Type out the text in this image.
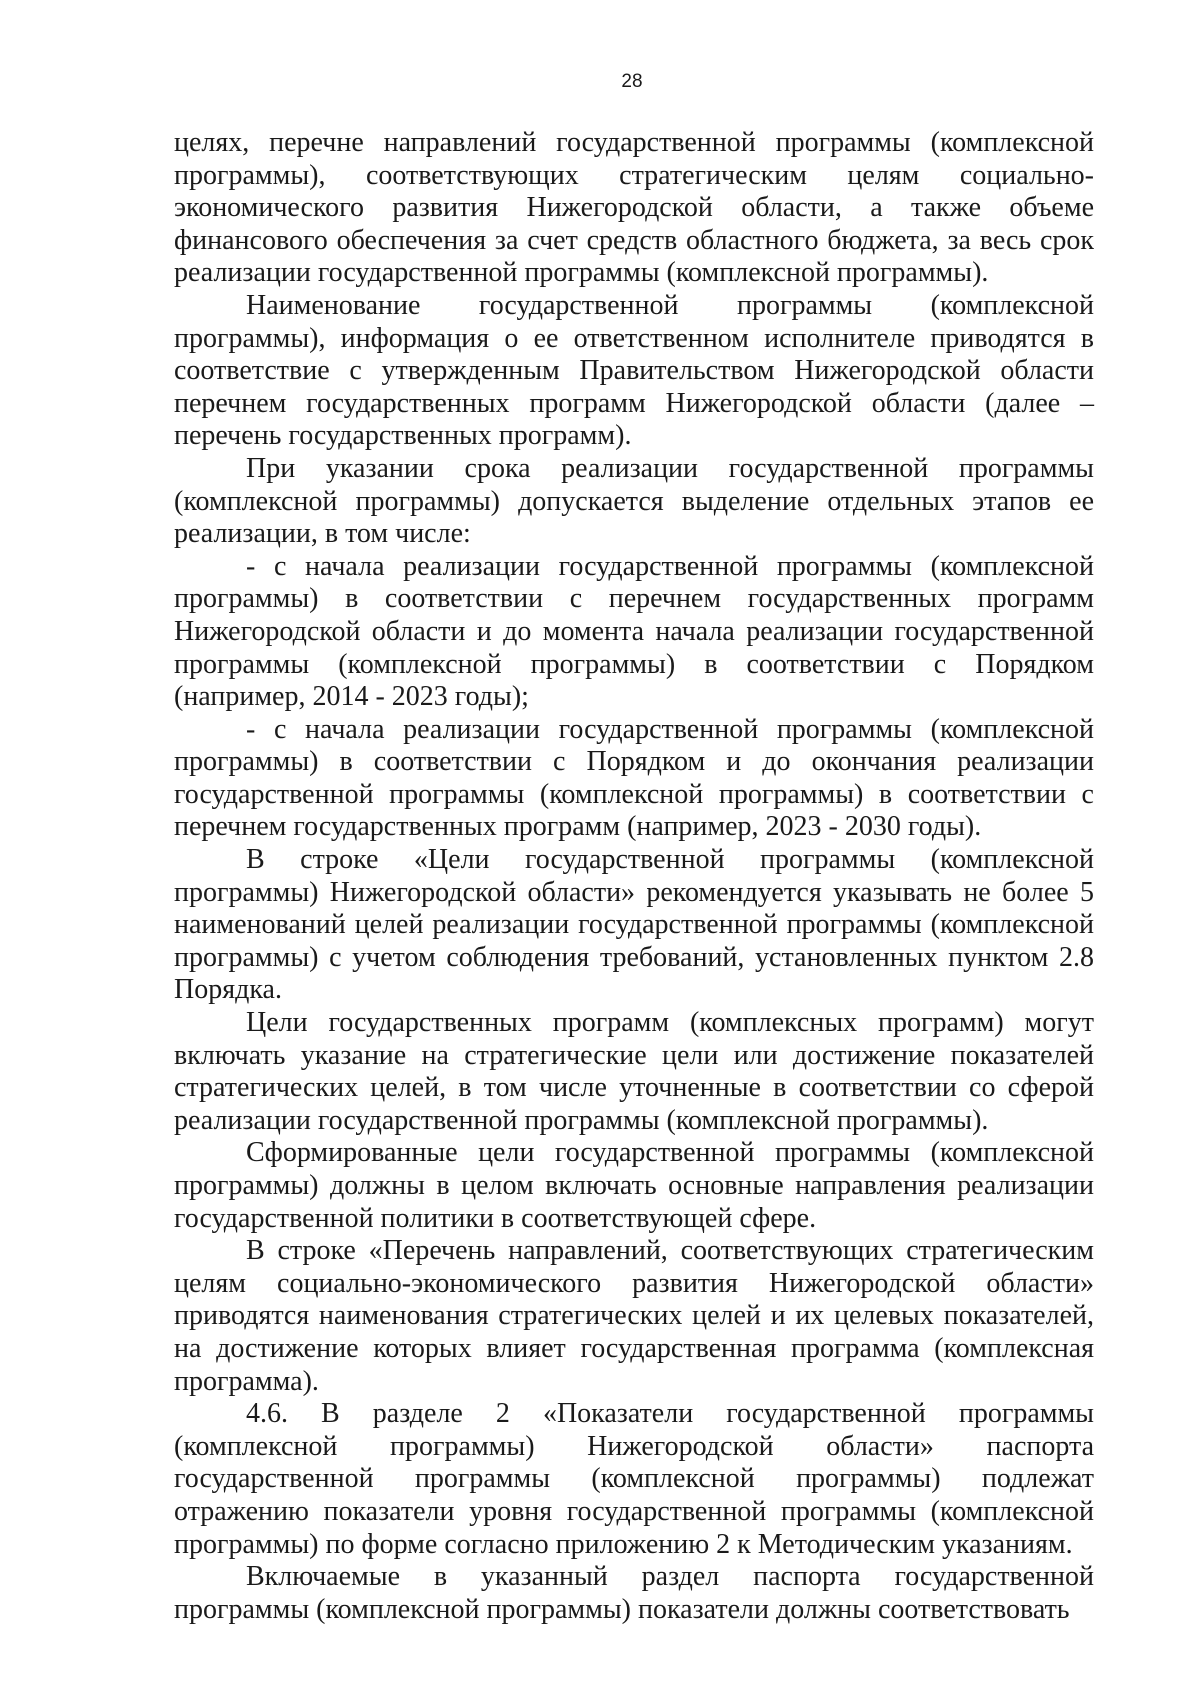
28

целях, перечне направлений государственной программы (комплексной программы), соответствующих стратегическим целям социально-экономического развития Нижегородской области, а также объеме финансового обеспечения за счет средств областного бюджета, за весь срок реализации государственной программы (комплексной программы).

Наименование государственной программы (комплексной программы), информация о ее ответственном исполнителе приводятся в соответствие с утвержденным Правительством Нижегородской области перечнем государственных программ Нижегородской области (далее – перечень государственных программ).

При указании срока реализации государственной программы (комплексной программы) допускается выделение отдельных этапов ее реализации, в том числе:

- с начала реализации государственной программы (комплексной программы) в соответствии с перечнем государственных программ Нижегородской области и до момента начала реализации государственной программы (комплексной программы) в соответствии с Порядком (например, 2014 - 2023 годы);

- с начала реализации государственной программы (комплексной программы) в соответствии с Порядком и до окончания реализации государственной программы (комплексной программы) в соответствии с перечнем государственных программ (например, 2023 - 2030 годы).

В строке «Цели государственной программы (комплексной программы) Нижегородской области» рекомендуется указывать не более 5 наименований целей реализации государственной программы (комплексной программы) с учетом соблюдения требований, установленных пунктом 2.8 Порядка.

Цели государственных программ (комплексных программ) могут включать указание на стратегические цели или достижение показателей стратегических целей, в том числе уточненные в соответствии со сферой реализации государственной программы (комплексной программы).

Сформированные цели государственной программы (комплексной программы) должны в целом включать основные направления реализации государственной политики в соответствующей сфере.

В строке «Перечень направлений, соответствующих стратегическим целям социально-экономического развития Нижегородской области» приводятся наименования стратегических целей и их целевых показателей, на достижение которых влияет государственная программа (комплексная программа).

4.6. В разделе 2 «Показатели государственной программы (комплексной программы) Нижегородской области» паспорта государственной программы (комплексной программы) подлежат отражению показатели уровня государственной программы (комплексной программы) по форме согласно приложению 2 к Методическим указаниям.

Включаемые в указанный раздел паспорта государственной программы (комплексной программы) показатели должны соответствовать
